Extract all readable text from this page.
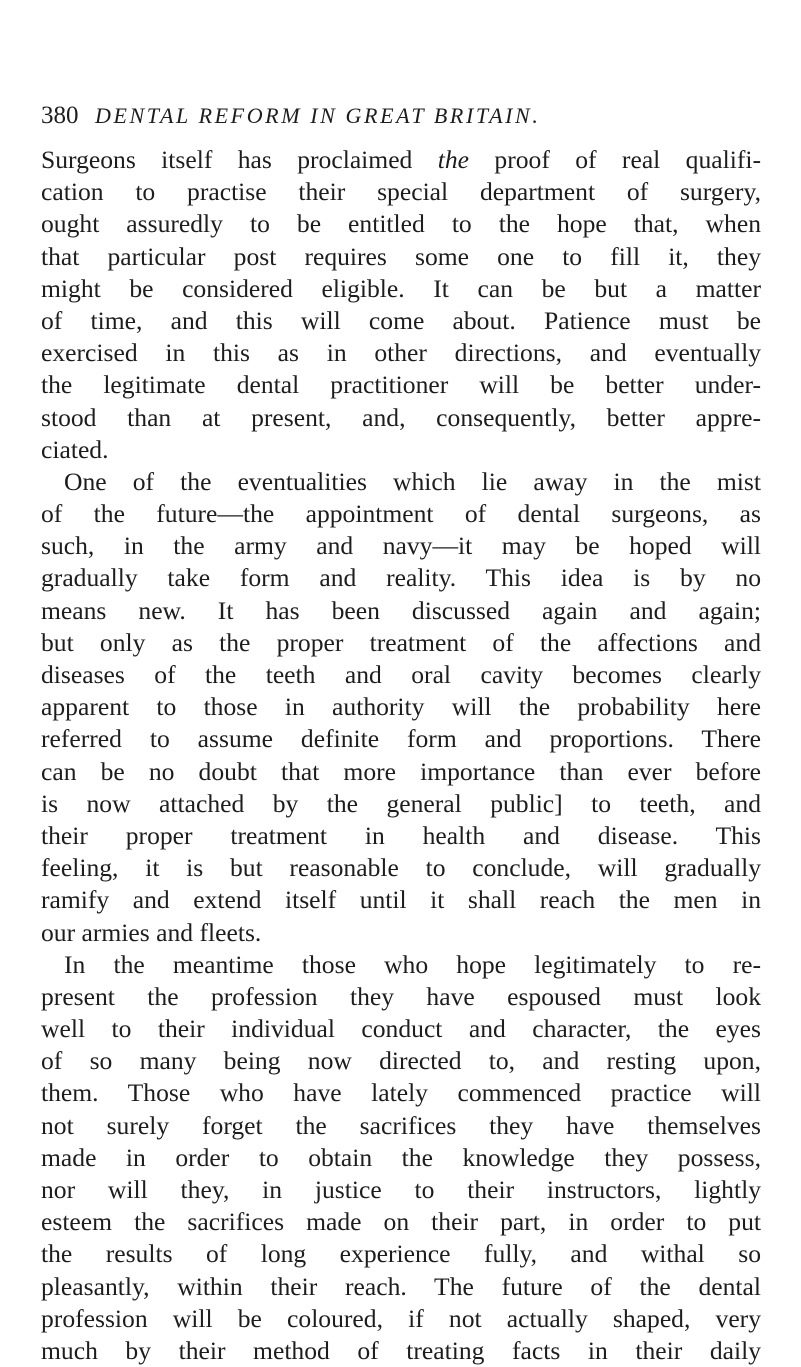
380 DENTAL REFORM IN GREAT BRITAIN.
Surgeons itself has proclaimed the proof of real qualifi-
cation to practise their special department of surgery,
ought assuredly to be entitled to the hope that, when
that particular post requires some one to fill it, they
might be considered eligible. It can be but a matter
of time, and this will come about. Patience must be
exercised in this as in other directions, and eventually
the legitimate dental practitioner will be better under-
stood than at present, and, consequently, better appre-
ciated.
One of the eventualities which lie away in the mist
of the future—the appointment of dental surgeons, as
such, in the army and navy—it may be hoped will
gradually take form and reality. This idea is by no
means new. It has been discussed again and again;
but only as the proper treatment of the affections and
diseases of the teeth and oral cavity becomes clearly
apparent to those in authority will the probability here
referred to assume definite form and proportions. There
can be no doubt that more importance than ever before
is now attached by the general public] to teeth, and
their proper treatment in health and disease. This
feeling, it is but reasonable to conclude, will gradually
ramify and extend itself until it shall reach the men in
our armies and fleets.
In the meantime those who hope legitimately to re-
present the profession they have espoused must look
well to their individual conduct and character, the eyes
of so many being now directed to, and resting upon,
them. Those who have lately commenced practice will
not surely forget the sacrifices they have themselves
made in order to obtain the knowledge they possess,
nor will they, in justice to their instructors, lightly
esteem the sacrifices made on their part, in order to put
the results of long experience fully, and withal so
pleasantly, within their reach. The future of the dental
profession will be coloured, if not actually shaped, very
much by their method of treating facts in their daily
